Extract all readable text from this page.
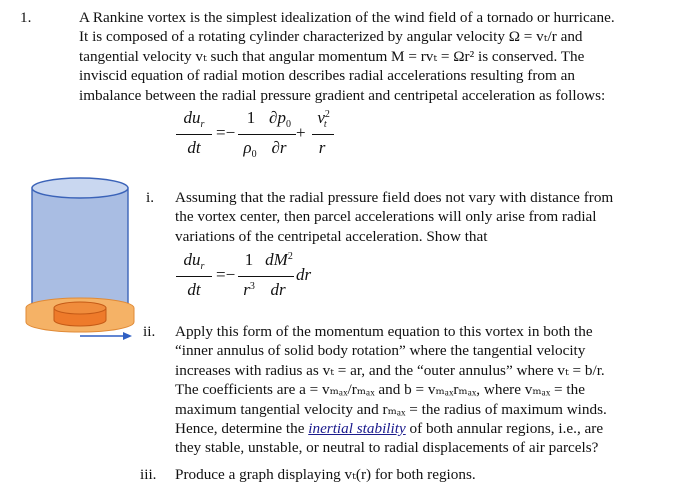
1.	A Rankine vortex is the simplest idealization of the wind field of a tornado or hurricane.
It is composed of a rotating cylinder characterized by angular velocity Ω = vₜ/r and
tangential velocity vₜ such that angular momentum M = rvₜ = Ωr² is conserved. The
inviscid equation of radial motion describes radial accelerations resulting from an
imbalance between the radial pressure gradient and centripetal acceleration as follows:
$du_r$
dt
=−
1
$\rho_0$
$\partial p_0$
∂r
+
$v^2_t$
r
i. Assuming that the radial pressure field does not vary with distance from
the vortex center, then parcel accelerations will only arise from radial
variations of the centripetal acceleration. Show that
$du_r$
dt
=−
1
$r^3$
$dM^2$
dr
dr
ii. Apply this form of the momentum equation to this vortex in both the
“inner annulus of solid body rotation” where the tangential velocity
increases with radius as vₜ = ar, and the “outer annulus” where vₜ = b/r.
The coefficients are a = vₘₐₓ/rₘₐₓ and b = vₘₐₓrₘₐₓ, where vₘₐₓ = the
maximum tangential velocity and rₘₐₓ = the radius of maximum winds.
Hence, determine the inertial stability of both annular regions, i.e., are
they stable, unstable, or neutral to radial displacements of air parcels?
iii. Produce a graph displaying vₜ(r) for both regions.
